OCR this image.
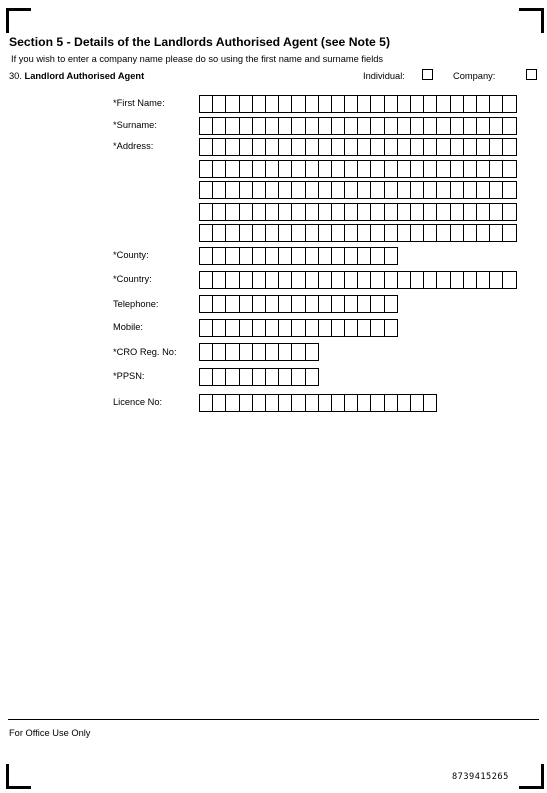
Section 5 - Details of the Landlords Authorised Agent (see Note 5)
If you wish to enter a company name please do so using the first name and surname fields
30. Landlord Authorised Agent	Individual:	Company:
*First Name:
*Surname:
*Address:
*County:
*Country:
Telephone:
Mobile:
*CRO Reg. No:
*PPSN:
Licence No:
For Office Use Only
8739415265
